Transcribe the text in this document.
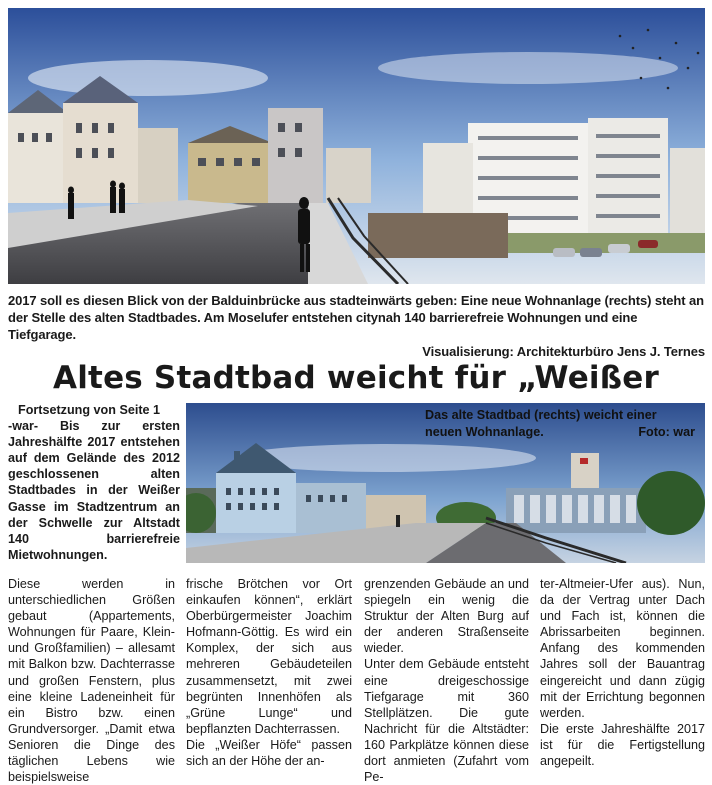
2017 soll es diesen Blick von der Balduinbrücke aus stadteinwärts geben: Eine neue Wohnanlage (rechts) steht an der Stelle des alten Stadtbades. Am Moselufer entstehen citynah 140 barrierefreie Wohnungen und eine Tiefgarage.
Visualisierung: Architekturbüro Jens J. Ternes
Altes Stadtbad weicht für „Weißer
Fortsetzung von Seite 1
-war- Bis zur ersten Jahreshälfte 2017 entstehen auf dem Gelände des 2012 geschlossenen alten Stadtbades in der Weißer Gasse im Stadtzentrum an der Schwelle zur Altstadt 140 barrierefreie Mietwohnungen.
Das alte Stadtbad (rechts) weicht einer neuen Wohnanlage.	Foto: war

Diese werden in unterschiedlichen Größen gebaut (Appartements, Wohnungen für Paare, Klein- und Großfamilien) – allesamt mit Balkon bzw. Dachterrasse und großen Fenstern, plus eine kleine Ladeneinheit für ein Bistro bzw. einen Grundversorger. „Damit etwa Senioren die Dinge des täglichen Lebens wie beispielsweise

frische Brötchen vor Ort einkaufen können“, erklärt Oberbürgermeister Joachim Hofmann-Göttig. Es wird ein Komplex, der sich aus mehreren Gebäudeteilen zusammensetzt, mit zwei begrünten Innenhöfen als „Grüne Lunge“ und bepflanzten Dachterrassen.

Die „Weißer Höfe“ passen sich an der Höhe der an-

grenzenden Gebäude an und spiegeln ein wenig die Struktur der Alten Burg auf der anderen Straßenseite wieder.

Unter dem Gebäude entsteht eine dreigeschossige Tiefgarage mit 360 Stellplätzen. Die gute Nachricht für die Altstädter: 160 Parkplätze können diese dort anmieten (Zufahrt vom Pe-

ter-Altmeier-Ufer aus). Nun, da der Vertrag unter Dach und Fach ist, können die Abrissarbeiten beginnen. Anfang des kommenden Jahres soll der Bauantrag eingereicht und dann zügig mit der Errichtung begonnen werden.

Die erste Jahreshälfte 2017 ist für die Fertigstellung angepeilt.
